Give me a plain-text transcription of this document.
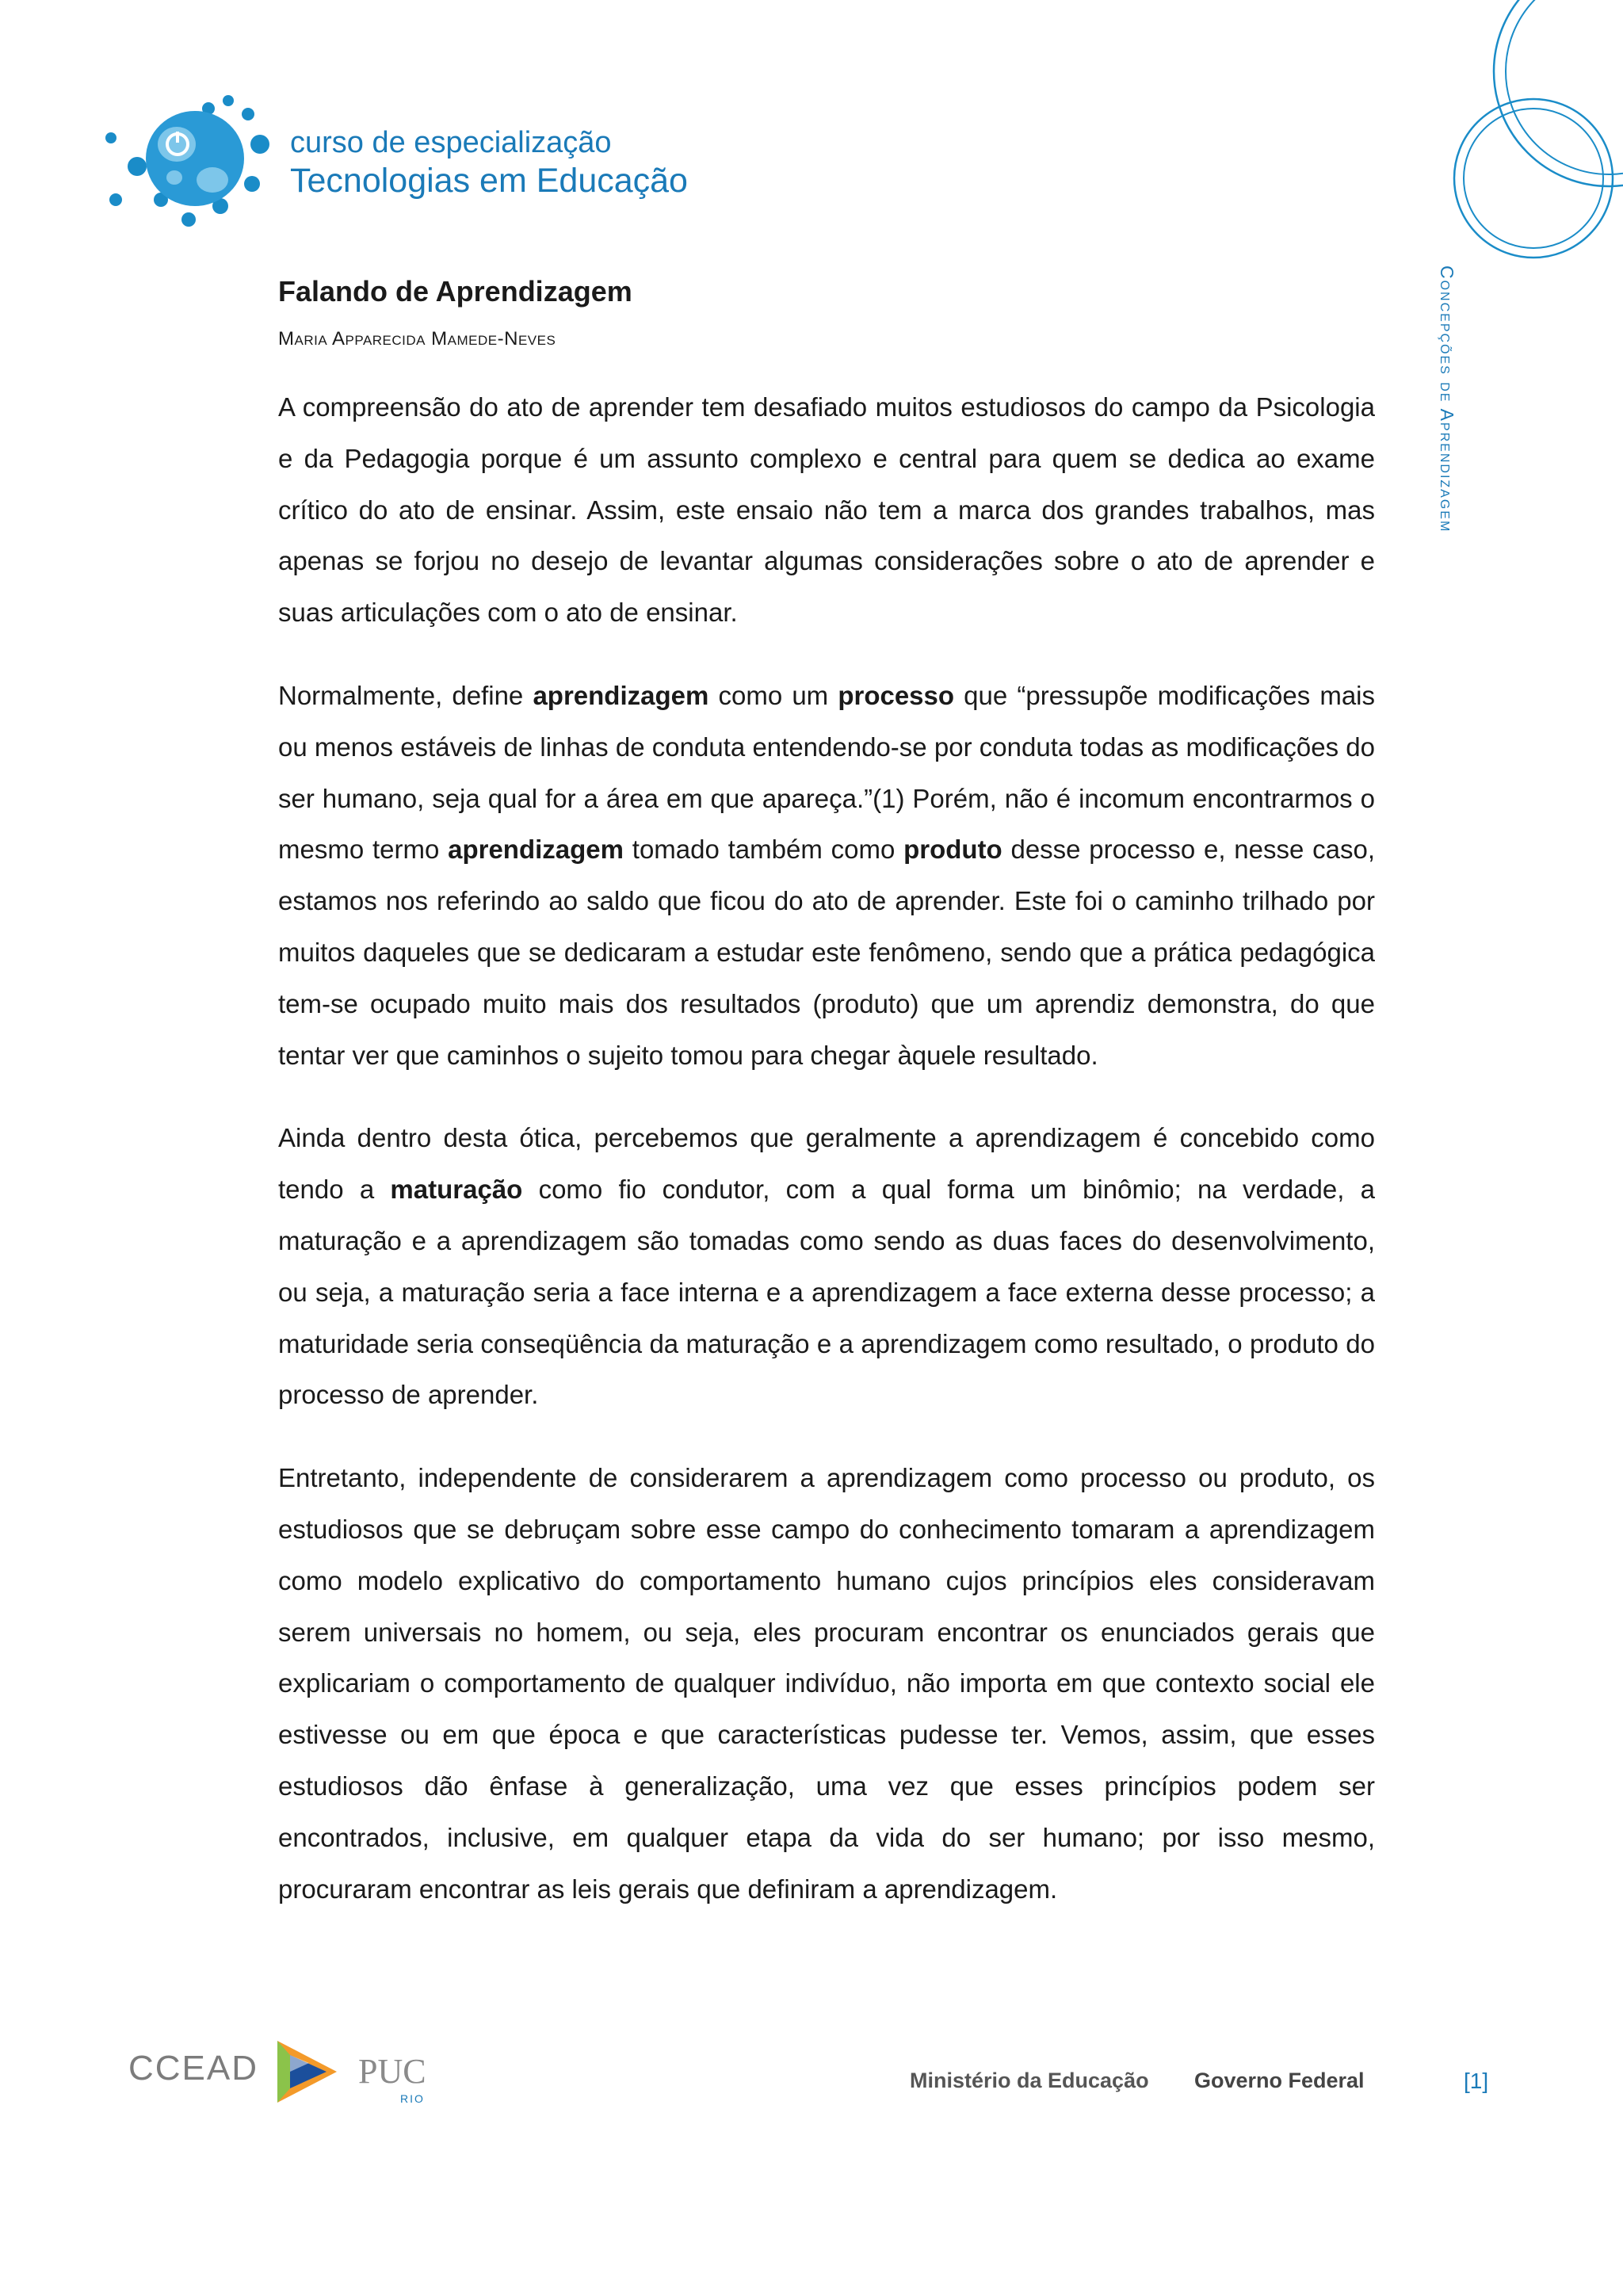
curso de especialização
Tecnologias em Educação
Concepções de Aprendizagem
Falando de Aprendizagem
Maria Apparecida Mamede-Neves

A compreensão do ato de aprender tem desafiado muitos estudiosos do campo da Psicologia e da Pedagogia porque é um assunto complexo e central para quem se dedica ao exame crítico do ato de ensinar. Assim, este ensaio não tem a marca dos grandes trabalhos, mas apenas se forjou no desejo de levantar algumas considerações sobre o ato de aprender e suas articulações com o ato de ensinar.

Normalmente, define aprendizagem como um processo que “pressupõe modificações mais ou menos estáveis de linhas de conduta entendendo-se por conduta todas as modificações do ser humano, seja qual for a área em que apareça.”(1) Porém, não é incomum encontrarmos o mesmo termo aprendizagem tomado também como produto desse processo e, nesse caso, estamos nos referindo ao saldo que ficou do ato de aprender. Este foi o caminho trilhado por muitos daqueles que se dedicaram a estudar este fenômeno, sendo que a prática pedagógica tem-se ocupado muito mais dos resultados (produto) que um aprendiz demonstra, do que tentar ver que caminhos o sujeito tomou para chegar àquele resultado.

Ainda dentro desta ótica, percebemos que geralmente a aprendizagem é concebido como tendo a maturação como fio condutor, com a qual forma um binômio; na verdade, a maturação e a aprendizagem são tomadas como sendo as duas faces do desenvolvimento, ou seja, a maturação seria a face interna e a aprendizagem a face externa desse processo; a maturidade seria conseqüência da maturação e a aprendizagem como resultado, o produto do processo de aprender.

Entretanto, independente de considerarem a aprendizagem como processo ou produto, os estudiosos que se debruçam sobre esse campo do conhecimento tomaram a aprendizagem como modelo explicativo do comportamento humano cujos princípios eles consideravam serem universais no homem, ou seja, eles procuram encontrar os enunciados gerais que explicariam o comportamento de qualquer indivíduo, não importa em que contexto social ele estivesse ou em que época e que características pudesse ter. Vemos, assim, que esses estudiosos dão ênfase à generalização, uma vez que esses princípios podem ser encontrados, inclusive, em qualquer etapa da vida do ser humano; por isso mesmo, procuraram encontrar as leis gerais que definiram a aprendizagem.

CCEAD	PUC
RIO
Ministério da Educação Governo Federal	[1]
